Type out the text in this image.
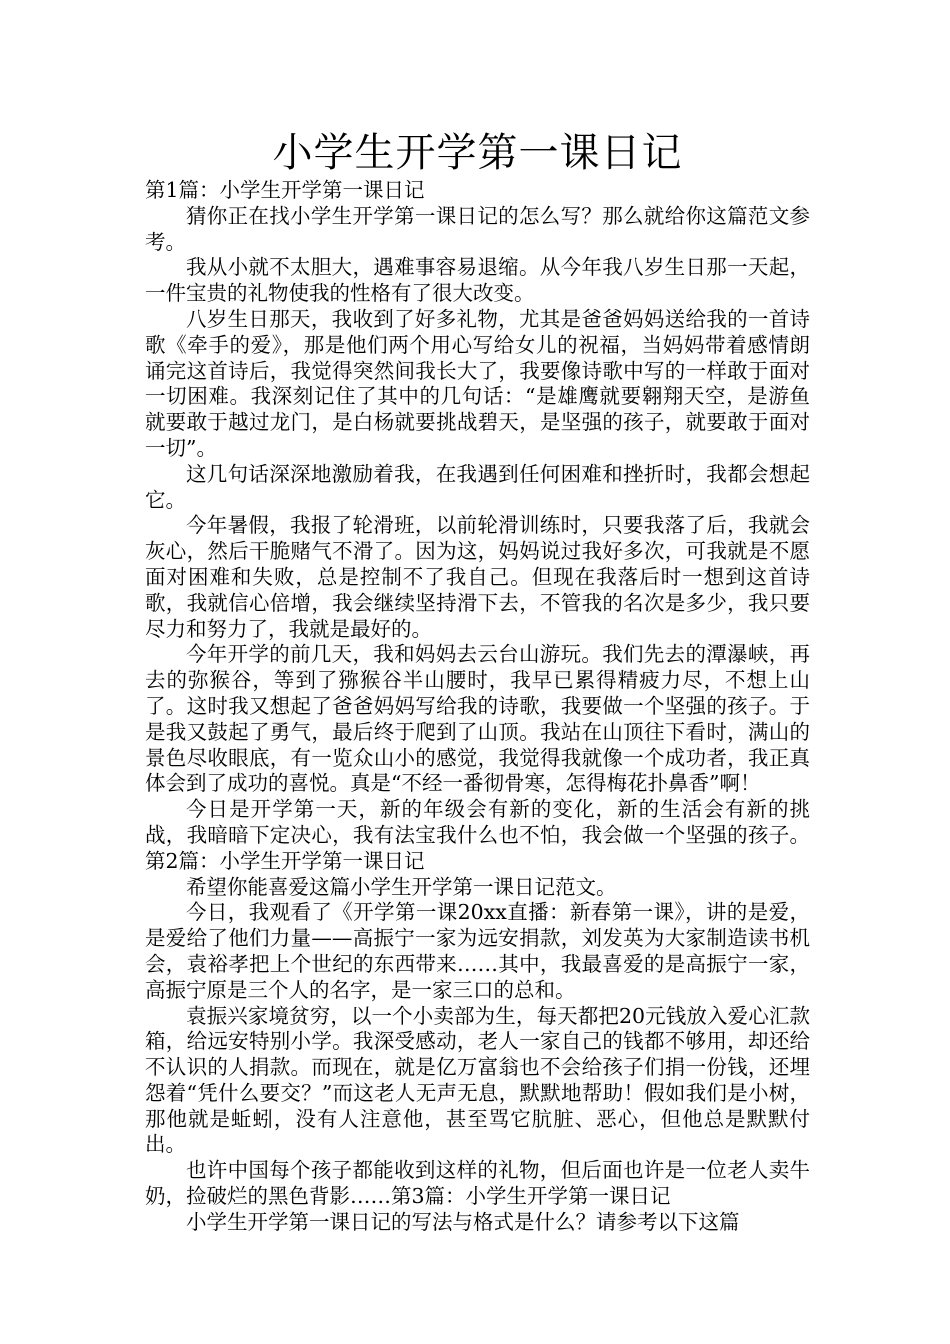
小学生开学第一课日记

第1篇：小学生开学第一课日记

猜你正在找小学生开学第一课日记的怎么写？那么就给你这篇范文参考。

我从小就不太胆大，遇难事容易退缩。从今年我八岁生日那一天起，一件宝贵的礼物使我的性格有了很大改变。

八岁生日那天，我收到了好多礼物，尤其是爸爸妈妈送给我的一首诗歌《牵手的爱》，那是他们两个用心写给女儿的祝福，当妈妈带着感情朗诵完这首诗后，我觉得突然间我长大了，我要像诗歌中写的一样敢于面对一切困难。我深刻记住了其中的几句话：“是雄鹰就要翱翔天空，是游鱼就要敢于越过龙门，是白杨就要挑战碧天，是坚强的孩子，就要敢于面对一切”。

这几句话深深地激励着我，在我遇到任何困难和挫折时，我都会想起它。

今年暑假，我报了轮滑班，以前轮滑训练时，只要我落了后，我就会灰心，然后干脆赌气不滑了。因为这，妈妈说过我好多次，可我就是不愿面对困难和失败，总是控制不了我自己。但现在我落后时一想到这首诗歌，我就信心倍增，我会继续坚持滑下去，不管我的名次是多少，我只要尽力和努力了，我就是最好的。

今年开学的前几天，我和妈妈去云台山游玩。我们先去的潭瀑峡，再去的弥猴谷，等到了猕猴谷半山腰时，我早已累得精疲力尽，不想上山了。这时我又想起了爸爸妈妈写给我的诗歌，我要做一个坚强的孩子。于是我又鼓起了勇气，最后终于爬到了山顶。我站在山顶往下看时，满山的景色尽收眼底，有一览众山小的感觉，我觉得我就像一个成功者，我正真体会到了成功的喜悦。真是“不经一番彻骨寒，怎得梅花扑鼻香”啊！

今日是开学第一天，新的年级会有新的变化，新的生活会有新的挑战，我暗暗下定决心，我有法宝我什么也不怕，我会做一个坚强的孩子。第2篇：小学生开学第一课日记

希望你能喜爱这篇小学生开学第一课日记范文。

今日，我观看了《开学第一课20xx直播：新春第一课》，讲的是爱，是爱给了他们力量——高振宁一家为远安捐款，刘发英为大家制造读书机会，袁裕孝把上个世纪的东西带来……其中，我最喜爱的是高振宁一家，高振宁原是三个人的名字，是一家三口的总和。

袁振兴家境贫穷，以一个小卖部为生，每天都把20元钱放入爱心汇款箱，给远安特别小学。我深受感动，老人一家自己的钱都不够用，却还给不认识的人捐款。而现在，就是亿万富翁也不会给孩子们捐一份钱，还埋怨着“凭什么要交？”而这老人无声无息，默默地帮助！假如我们是小树，那他就是蚯蚓，没有人注意他，甚至骂它肮脏、恶心，但他总是默默付出。

也许中国每个孩子都能收到这样的礼物，但后面也许是一位老人卖牛奶，捡破烂的黑色背影……第3篇：小学生开学第一课日记

小学生开学第一课日记的写法与格式是什么？请参考以下这篇
